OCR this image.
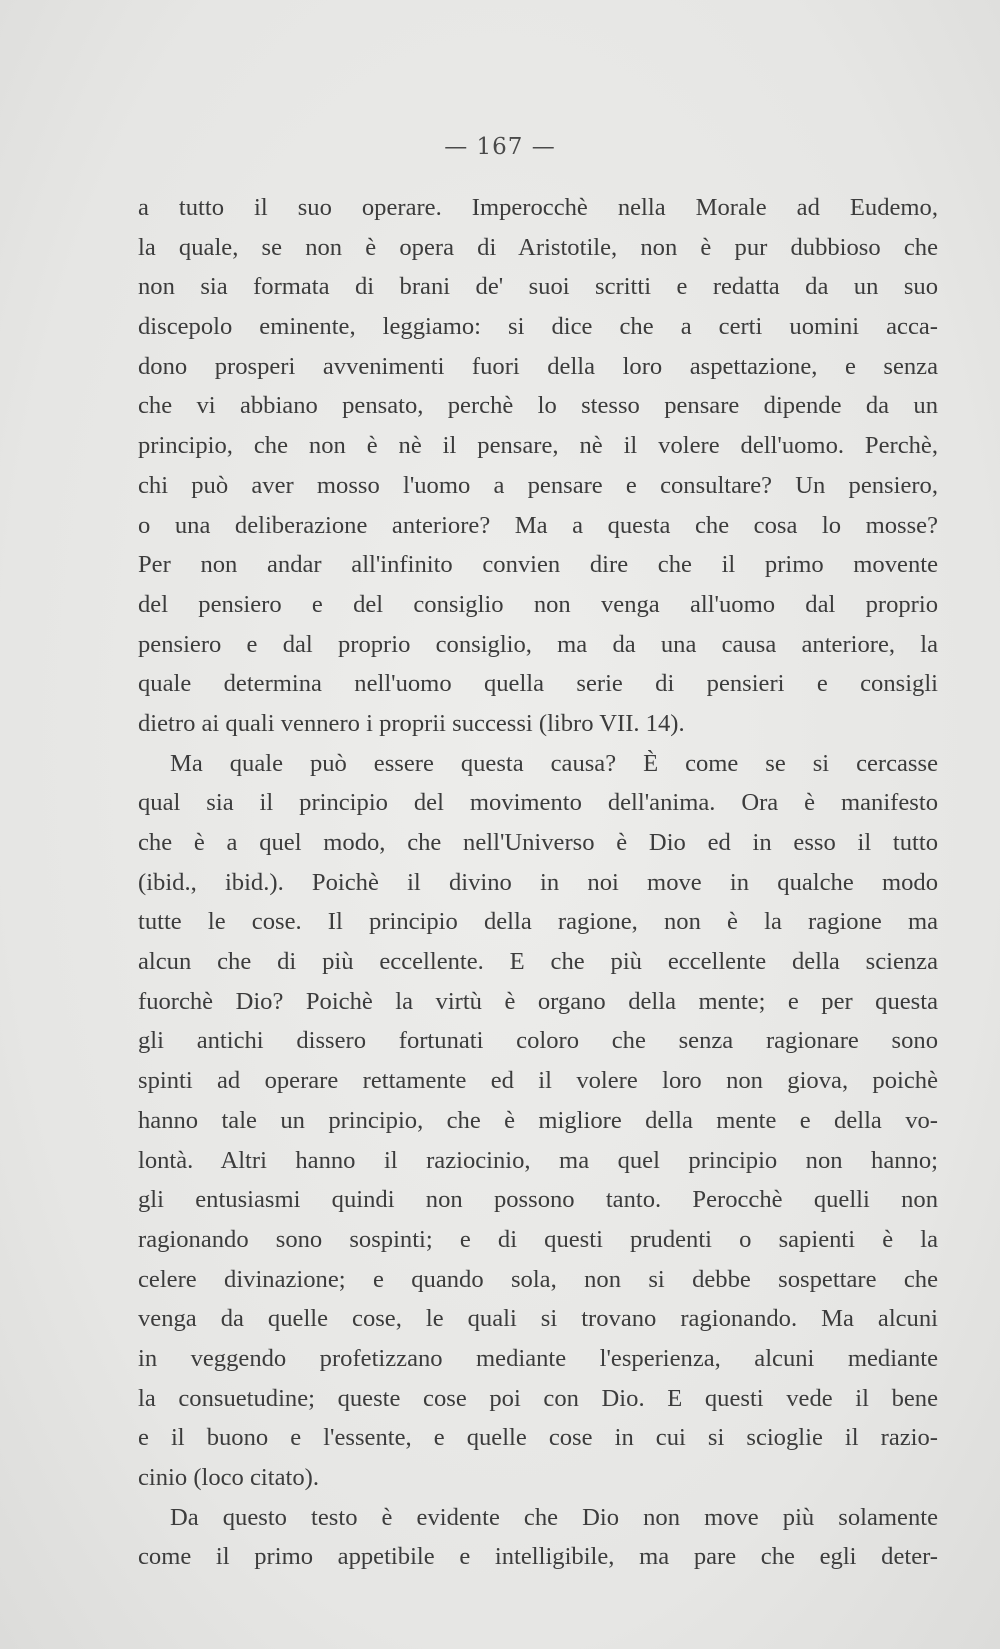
— 167 —
a tutto il suo operare. Imperocchè nella Morale ad Eudemo,
la quale, se non è opera di Aristotile, non è pur dubbioso che
non sia formata di brani de' suoi scritti e redatta da un suo
discepolo eminente, leggiamo: si dice che a certi uomini acca-
dono prosperi avvenimenti fuori della loro aspettazione, e senza
che vi abbiano pensato, perchè lo stesso pensare dipende da un
principio, che non è nè il pensare, nè il volere dell'uomo. Perchè,
chi può aver mosso l'uomo a pensare e consultare? Un pensiero,
o una deliberazione anteriore? Ma a questa che cosa lo mosse?
Per non andar all'infinito convien dire che il primo movente
del pensiero e del consiglio non venga all'uomo dal proprio
pensiero e dal proprio consiglio, ma da una causa anteriore, la
quale determina nell'uomo quella serie di pensieri e consigli
dietro ai quali vennero i proprii successi (libro VII. 14).
Ma quale può essere questa causa? È come se si cercasse
qual sia il principio del movimento dell'anima. Ora è manifesto
che è a quel modo, che nell'Universo è Dio ed in esso il tutto
(ibid., ibid.). Poichè il divino in noi move in qualche modo
tutte le cose. Il principio della ragione, non è la ragione ma
alcun che di più eccellente. E che più eccellente della scienza
fuorchè Dio? Poichè la virtù è organo della mente; e per questa
gli antichi dissero fortunati coloro che senza ragionare sono
spinti ad operare rettamente ed il volere loro non giova, poichè
hanno tale un principio, che è migliore della mente e della vo-
lontà. Altri hanno il raziocinio, ma quel principio non hanno;
gli entusiasmi quindi non possono tanto. Perocchè quelli non
ragionando sono sospinti; e di questi prudenti o sapienti è la
celere divinazione; e quando sola, non si debbe sospettare che
venga da quelle cose, le quali si trovano ragionando. Ma alcuni
in veggendo profetizzano mediante l'esperienza, alcuni mediante
la consuetudine; queste cose poi con Dio. E questi vede il bene
e il buono e l'essente, e quelle cose in cui si scioglie il razio-
cinio (loco citato).
Da questo testo è evidente che Dio non move più solamente
come il primo appetibile e intelligibile, ma pare che egli deter-
